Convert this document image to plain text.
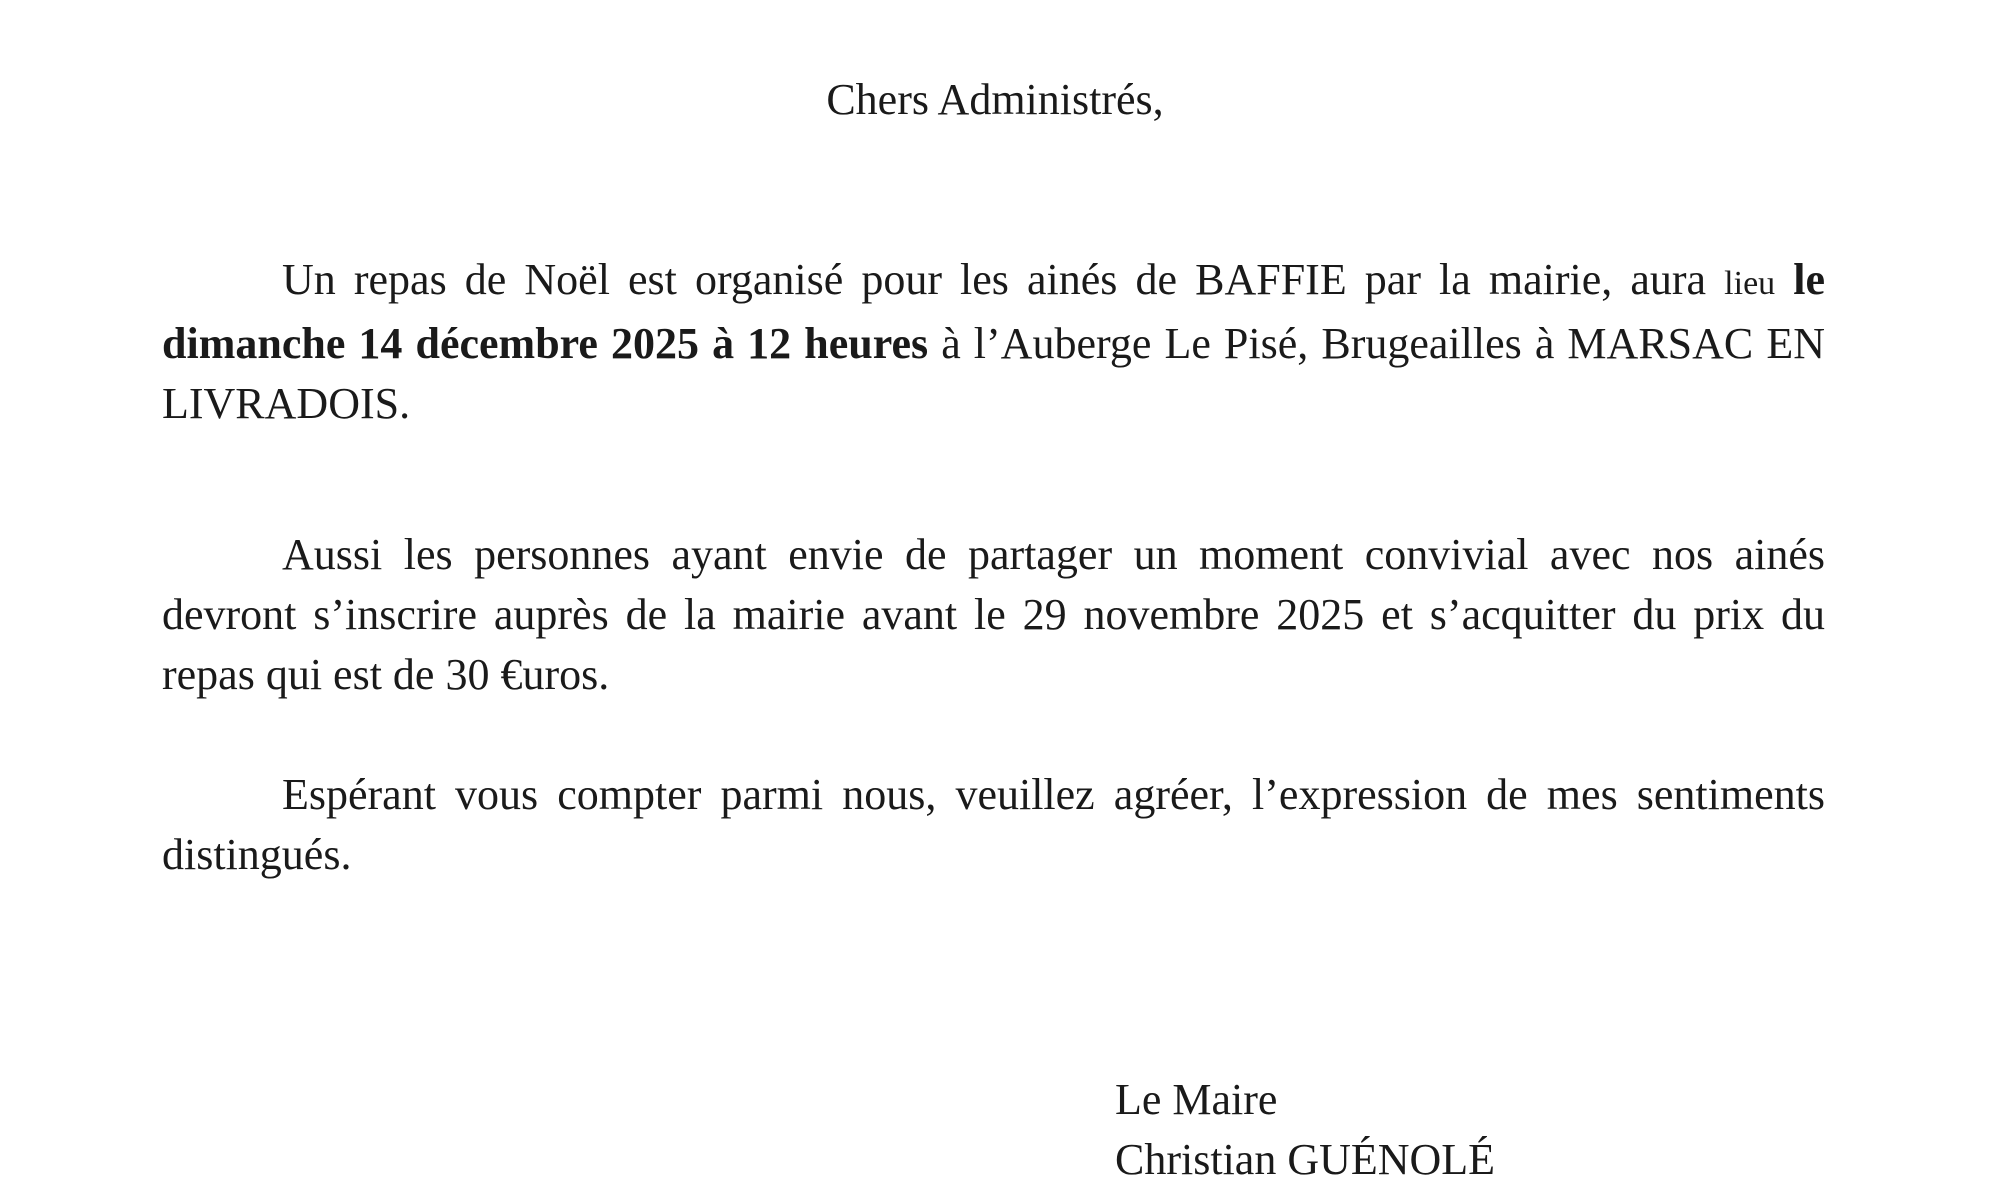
Chers Administrés,

Un repas de Noël est organisé pour les ainés de BAFFIE par la mairie, aura lieu le dimanche 14 décembre 2025 à 12 heures à l’Auberge Le Pisé, Brugeailles à MARSAC EN LIVRADOIS.

Aussi les personnes ayant envie de partager un moment convivial avec nos ainés devront s’inscrire auprès de la mairie avant le 29 novembre 2025 et s’acquitter du prix du repas qui est de 30 €uros.

Espérant vous compter parmi nous, veuillez agréer, l’expression de mes sentiments distingués.

Le Maire
Christian GUÉNOLÉ
